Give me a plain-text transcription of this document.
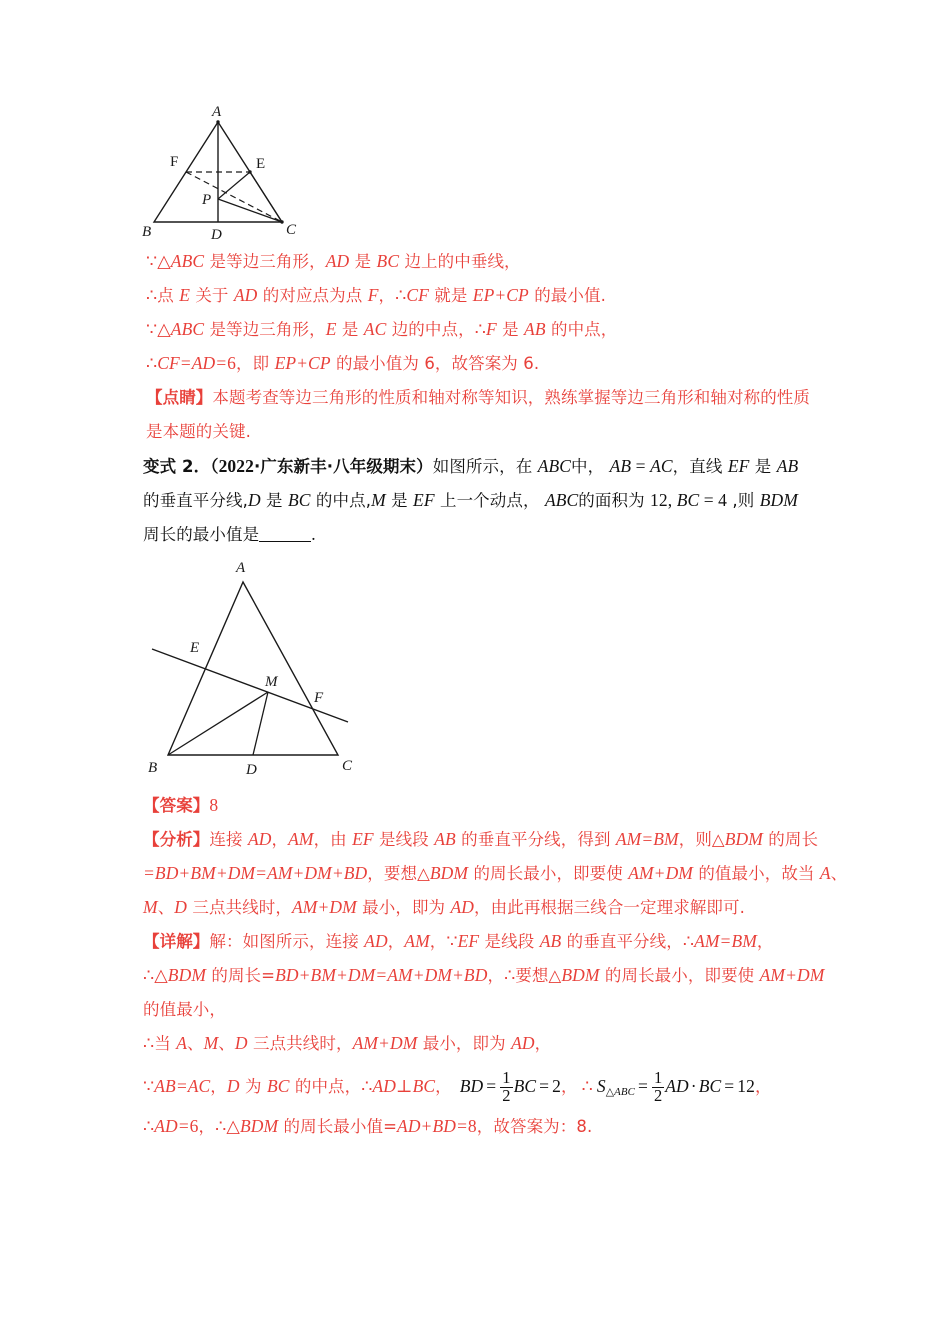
A
B	C
D
E
F
P
∵△ABC 是等边三角形，AD 是 BC 边上的中垂线，
∴点 E 关于 AD 的对应点为点 F，∴CF 就是 EP+CP 的最小值.
∵△ABC 是等边三角形，E 是 AC 边的中点，∴F 是 AB 的中点，
∴CF=AD=6，即 EP+CP 的最小值为 6，故答案为 6.
【点睛】本题考查等边三角形的性质和轴对称等知识，熟练掌握等边三角形和轴对称的性质
是本题的关键.
变式 2．（2022·广东新丰·八年级期末）如图所示，在 ABC中， AB = AC，直线 EF 是 AB
的垂直平分线,D 是 BC 的中点,M 是 EF 上一个动点， ABC的面积为 12, BC = 4 ,则 BDM
周长的最小值是	.
A
B	C
D
E
F
M
【答案】8
【分析】连接 AD，AM，由 EF 是线段 AB 的垂直平分线，得到 AM=BM，则△BDM 的周长
=BD+BM+DM=AM+DM+BD，要想△BDM 的周长最小，即要使 AM+DM 的值最小，故当 A、
M、D 三点共线时，AM+DM 最小，即为 AD，由此再根据三线合一定理求解即可.
【详解】解：如图所示，连接 AD，AM，∵EF 是线段 AB 的垂直平分线，∴AM=BM，
∴△BDM 的周长=BD+BM+DM=AM+DM+BD，∴要想△BDM 的周长最小，即要使 AM+DM
的值最小，
∴当 A、M、D 三点共线时，AM+DM 最小，即为 AD，
∵AB=AC，D 为 BC 的中点，∴AD⊥BC， BD = $\frac{1}{2}$ BC = 2， ∴ $S_{\triangle ABC} = \frac{1}{2}$ AD · BC = 12，
∴AD=6，∴△BDM 的周长最小值=AD+BD=8，故答案为：8.
